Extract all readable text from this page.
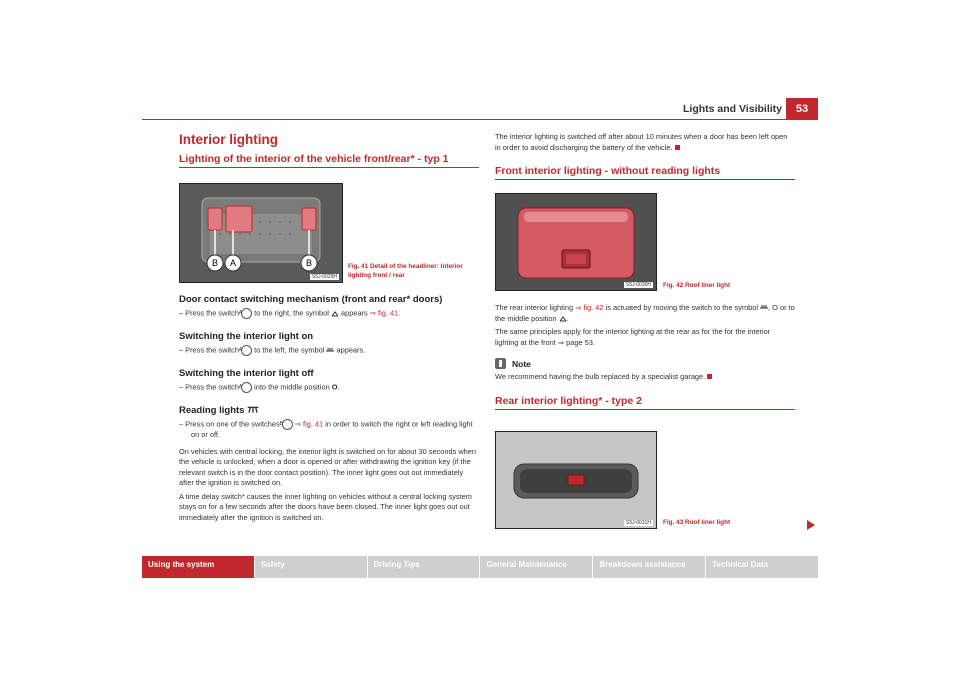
Lights and Visibility	53
Interior lighting
Lighting of the interior of the vehicle front/rear* - typ 1
B A	B
S5J-0029H
Fig. 41 Detail of the headliner: Interior lighting front / rear
Door contact switching mechanism (front and rear* doors)

– Press the switch A to the right, the symbol appears ⇒ fig. 41.

Switching the interior light on

– Press the switch A to the left, the symbol appears.

Switching the interior light off

– Press the switch A into the middle position O.

Reading lights

– Press on one of the switches B ⇒ fig. 41 in order to switch the right or left reading light on or off.

On vehicles with central locking, the interior light is switched on for about 30 seconds when the vehicle is unlocked, when a door is opened or after withdrawing the ignition key (if the relevant switch is in the door contact position). The inner light goes out out immediately after the ignition is switched on.

A time delay switch* causes the inner lighting on vehicles without a central locking system stays on for a few seconds after the doors have been closed. The inner light goes out out immediately after the ignition is switched on.

The interior lighting is switched off after about 10 minutes when a door has been left open in order to avoid discharging the battery of the vehicle.

Front interior lighting - without reading lights
S5J-0030H	Fig. 42 Roof liner light

The rear interior lighting ⇒ fig. 42 is actuated by moving the switch to the symbol , O or to the middle position .

The same principles apply for the interior lighting at the rear as for the for the interior lighting at the front ⇒ page 53.

Note

We recommend having the bulb replaced by a specialist garage.

Rear interior lighting* - type 2
S5J-0031H	Fig. 43 Roof liner light
Using the system	Safety	Driving Tips	General Maintenance	Breakdown assistance	Technical Data
